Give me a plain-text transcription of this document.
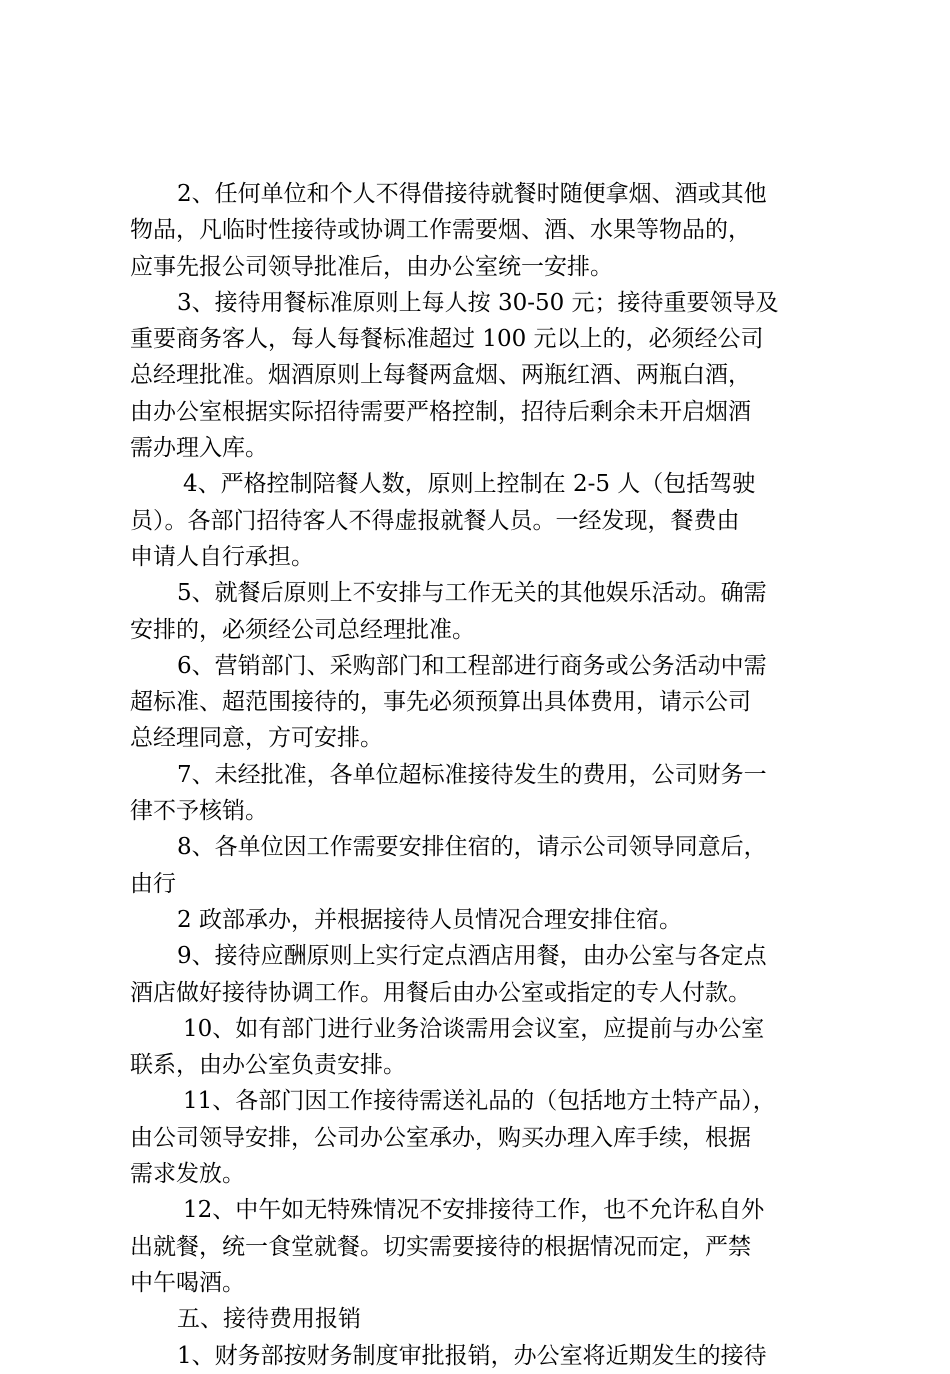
2、任何单位和个人不得借接待就餐时随便拿烟、酒或其他
物品，凡临时性接待或协调工作需要烟、酒、水果等物品的，
应事先报公司领导批准后，由办公室统一安排。
3、接待用餐标准原则上每人按 30-50 元；接待重要领导及
重要商务客人，每人每餐标准超过 100 元以上的，必须经公司
总经理批准。烟酒原则上每餐两盒烟、两瓶红酒、两瓶白酒，
由办公室根据实际招待需要严格控制，招待后剩余未开启烟酒
需办理入库。
4、严格控制陪餐人数，原则上控制在 2-5 人（包括驾驶
员）。各部门招待客人不得虚报就餐人员。一经发现，餐费由
申请人自行承担。
5、就餐后原则上不安排与工作无关的其他娱乐活动。确需
安排的，必须经公司总经理批准。
6、营销部门、采购部门和工程部进行商务或公务活动中需
超标准、超范围接待的，事先必须预算出具体费用，请示公司
总经理同意，方可安排。
7、未经批准，各单位超标准接待发生的费用，公司财务一
律不予核销。
8、各单位因工作需要安排住宿的，请示公司领导同意后，
由行
2 政部承办，并根据接待人员情况合理安排住宿。
9、接待应酬原则上实行定点酒店用餐，由办公室与各定点
酒店做好接待协调工作。用餐后由办公室或指定的专人付款。
10、如有部门进行业务洽谈需用会议室，应提前与办公室
联系，由办公室负责安排。
11、各部门因工作接待需送礼品的（包括地方土特产品），
由公司领导安排，公司办公室承办，购买办理入库手续，根据
需求发放。
12、中午如无特殊情况不安排接待工作，也不允许私自外
出就餐，统一食堂就餐。切实需要接待的根据情况而定，严禁
中午喝酒。
五、接待费用报销
1、财务部按财务制度审批报销，办公室将近期发生的接待
